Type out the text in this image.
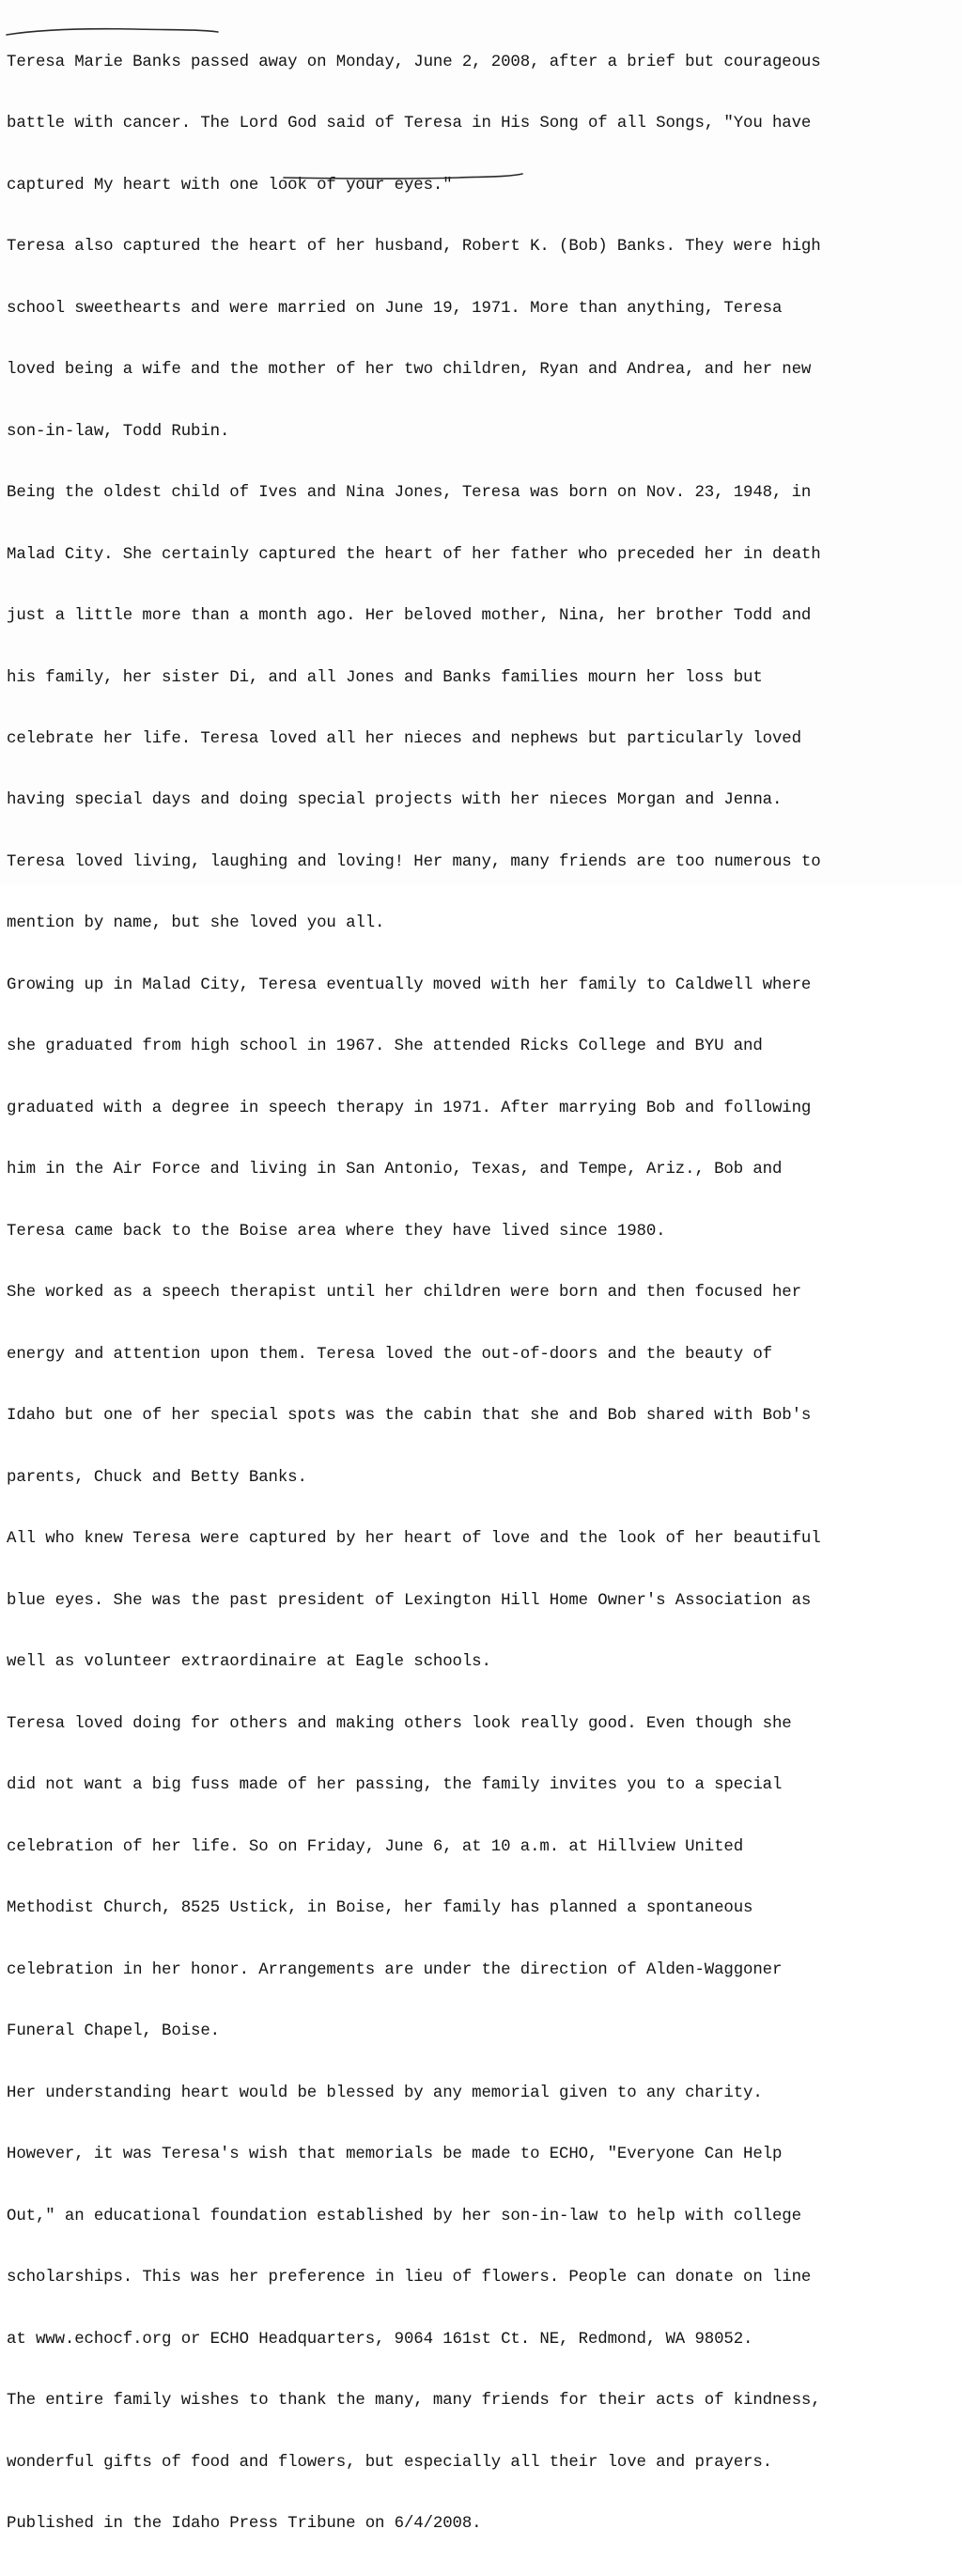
Teresa Marie Banks passed away on Monday, June 2, 2008, after a brief but courageous

battle with cancer. The Lord God said of Teresa in His Song of all Songs, "You have

captured My heart with one look of your eyes."

Teresa also captured the heart of her husband, Robert K. (Bob) Banks. They were high

school sweethearts and were married on June 19, 1971. More than anything, Teresa

loved being a wife and the mother of her two children, Ryan and Andrea, and her new

son-in-law, Todd Rubin.

Being the oldest child of Ives and Nina Jones, Teresa was born on Nov. 23, 1948, in

Malad City. She certainly captured the heart of her father who preceded her in death

just a little more than a month ago. Her beloved mother, Nina, her brother Todd and

his family, her sister Di, and all Jones and Banks families mourn her loss but

celebrate her life. Teresa loved all her nieces and nephews but particularly loved

having special days and doing special projects with her nieces Morgan and Jenna.

Teresa loved living, laughing and loving! Her many, many friends are too numerous to

mention by name, but she loved you all.

Growing up in Malad City, Teresa eventually moved with her family to Caldwell where

she graduated from high school in 1967. She attended Ricks College and BYU and

graduated with a degree in speech therapy in 1971. After marrying Bob and following

him in the Air Force and living in San Antonio, Texas, and Tempe, Ariz., Bob and

Teresa came back to the Boise area where they have lived since 1980.

She worked as a speech therapist until her children were born and then focused her

energy and attention upon them. Teresa loved the out-of-doors and the beauty of

Idaho but one of her special spots was the cabin that she and Bob shared with Bob's

parents, Chuck and Betty Banks.

All who knew Teresa were captured by her heart of love and the look of her beautiful

blue eyes. She was the past president of Lexington Hill Home Owner's Association as

well as volunteer extraordinaire at Eagle schools.

Teresa loved doing for others and making others look really good. Even though she

did not want a big fuss made of her passing, the family invites you to a special

celebration of her life. So on Friday, June 6, at 10 a.m. at Hillview United

Methodist Church, 8525 Ustick, in Boise, her family has planned a spontaneous

celebration in her honor. Arrangements are under the direction of Alden-Waggoner

Funeral Chapel, Boise.

Her understanding heart would be blessed by any memorial given to any charity.

However, it was Teresa's wish that memorials be made to ECHO, "Everyone Can Help

Out," an educational foundation established by her son-in-law to help with college

scholarships. This was her preference in lieu of flowers. People can donate on line

at www.echocf.org or ECHO Headquarters, 9064 161st Ct. NE, Redmond, WA 98052.

The entire family wishes to thank the many, many friends for their acts of kindness,

wonderful gifts of food and flowers, but especially all their love and prayers.

Published in the Idaho Press Tribune on 6/4/2008.
